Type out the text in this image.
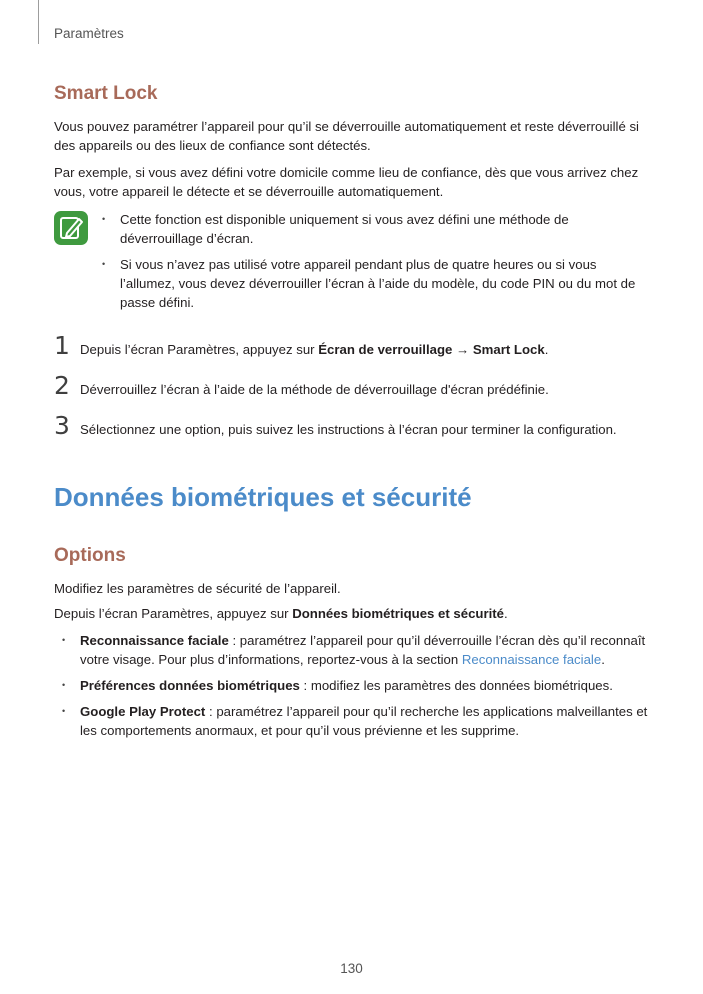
Paramètres
Smart Lock
Vous pouvez paramétrer l’appareil pour qu’il se déverrouille automatiquement et reste déverrouillé si des appareils ou des lieux de confiance sont détectés.
Par exemple, si vous avez défini votre domicile comme lieu de confiance, dès que vous arrivez chez vous, votre appareil le détecte et se déverrouille automatiquement.
• Cette fonction est disponible uniquement si vous avez défini une méthode de déverrouillage d’écran.
• Si vous n’avez pas utilisé votre appareil pendant plus de quatre heures ou si vous l’allumez, vous devez déverrouiller l’écran à l’aide du modèle, du code PIN ou du mot de passe défini.
1 Depuis l’écran Paramètres, appuyez sur Écran de verrouillage → Smart Lock.
2 Déverrouillez l’écran à l’aide de la méthode de déverrouillage d'écran prédéfinie.
3 Sélectionnez une option, puis suivez les instructions à l’écran pour terminer la configuration.
Données biométriques et sécurité
Options
Modifiez les paramètres de sécurité de l’appareil.
Depuis l’écran Paramètres, appuyez sur Données biométriques et sécurité.
• Reconnaissance faciale : paramétrez l’appareil pour qu’il déverrouille l’écran dès qu’il reconnaît votre visage. Pour plus d’informations, reportez-vous à la section Reconnaissance faciale.
• Préférences données biométriques : modifiez les paramètres des données biométriques.
• Google Play Protect : paramétrez l’appareil pour qu’il recherche les applications malveillantes et les comportements anormaux, et pour qu’il vous prévienne et les supprime.
130
